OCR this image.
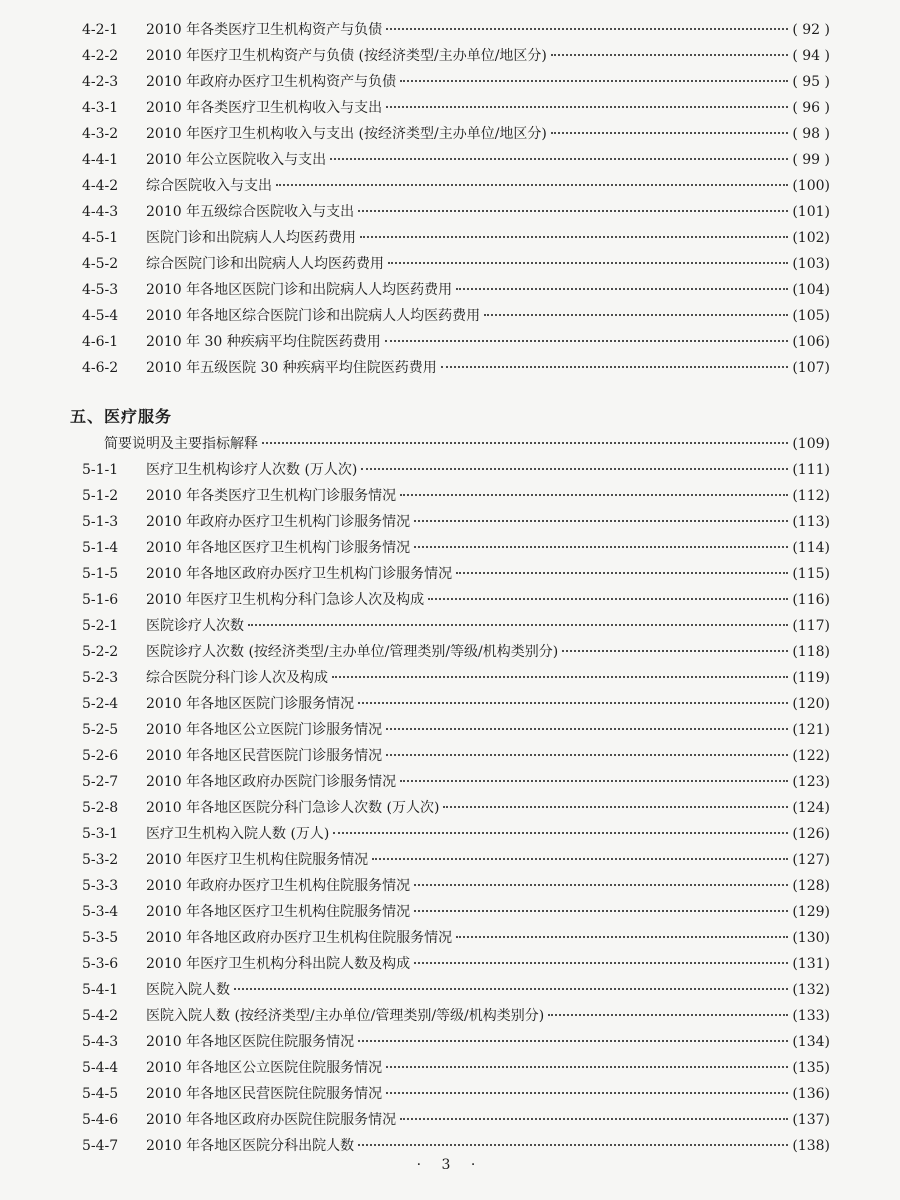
4-2-1 2010 年各类医疗卫生机构资产与负债	( 92 )
4-2-2 2010 年医疗卫生机构资产与负债 (按经济类型/主办单位/地区分)	( 94 )
4-2-3 2010 年政府办医疗卫生机构资产与负债	( 95 )
4-3-1 2010 年各类医疗卫生机构收入与支出	( 96 )
4-3-2 2010 年医疗卫生机构收入与支出 (按经济类型/主办单位/地区分)	( 98 )
4-4-1 2010 年公立医院收入与支出	( 99 )
4-4-2 综合医院收入与支出	(100)
4-4-3 2010 年五级综合医院收入与支出	(101)
4-5-1 医院门诊和出院病人人均医药费用	(102)
4-5-2 综合医院门诊和出院病人人均医药费用	(103)
4-5-3 2010 年各地区医院门诊和出院病人人均医药费用	(104)
4-5-4 2010 年各地区综合医院门诊和出院病人人均医药费用	(105)
4-6-1 2010 年 30 种疾病平均住院医药费用	(106)
4-6-2 2010 年五级医院 30 种疾病平均住院医药费用	(107)
五、医疗服务
简要说明及主要指标解释	(109)
5-1-1 医疗卫生机构诊疗人次数 (万人次)	(111)
5-1-2 2010 年各类医疗卫生机构门诊服务情况	(112)
5-1-3 2010 年政府办医疗卫生机构门诊服务情况	(113)
5-1-4 2010 年各地区医疗卫生机构门诊服务情况	(114)
5-1-5 2010 年各地区政府办医疗卫生机构门诊服务情况	(115)
5-1-6 2010 年医疗卫生机构分科门急诊人次及构成	(116)
5-2-1 医院诊疗人次数	(117)
5-2-2 医院诊疗人次数 (按经济类型/主办单位/管理类别/等级/机构类别分)	(118)
5-2-3 综合医院分科门诊人次及构成	(119)
5-2-4 2010 年各地区医院门诊服务情况	(120)
5-2-5 2010 年各地区公立医院门诊服务情况	(121)
5-2-6 2010 年各地区民营医院门诊服务情况	(122)
5-2-7 2010 年各地区政府办医院门诊服务情况	(123)
5-2-8 2010 年各地区医院分科门急诊人次数 (万人次)	(124)
5-3-1 医疗卫生机构入院人数 (万人)	(126)
5-3-2 2010 年医疗卫生机构住院服务情况	(127)
5-3-3 2010 年政府办医疗卫生机构住院服务情况	(128)
5-3-4 2010 年各地区医疗卫生机构住院服务情况	(129)
5-3-5 2010 年各地区政府办医疗卫生机构住院服务情况	(130)
5-3-6 2010 年医疗卫生机构分科出院人数及构成	(131)
5-4-1 医院入院人数	(132)
5-4-2 医院入院人数 (按经济类型/主办单位/管理类别/等级/机构类别分)	(133)
5-4-3 2010 年各地区医院住院服务情况	(134)
5-4-4 2010 年各地区公立医院住院服务情况	(135)
5-4-5 2010 年各地区民营医院住院服务情况	(136)
5-4-6 2010 年各地区政府办医院住院服务情况	(137)
5-4-7 2010 年各地区医院分科出院人数	(138)
· 3 ·
